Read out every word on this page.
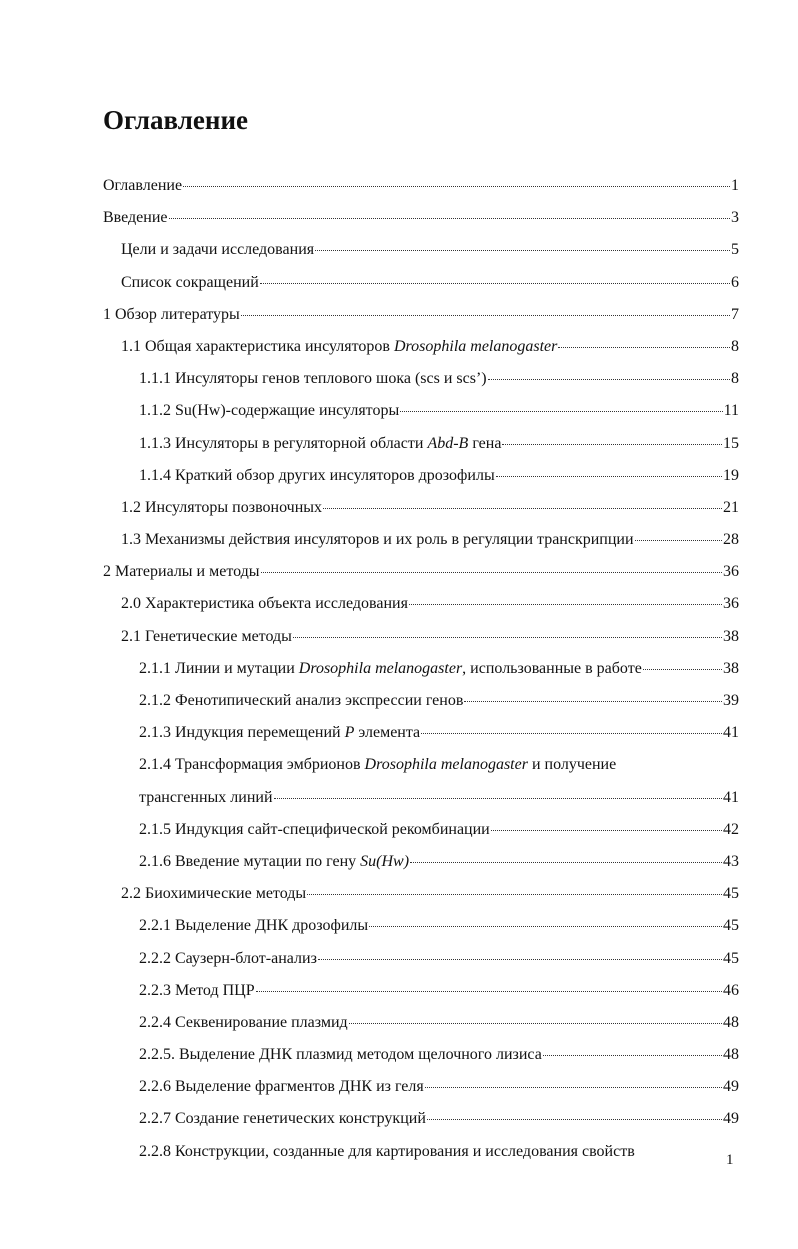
Оглавление
Оглавление	1
Введение	3
Цели и задачи исследования	5
Список сокращений	6
1 Обзор литературы	7
1.1 Общая характеристика инсуляторов Drosophila melanogaster	8
1.1.1 Инсуляторы генов теплового шока (scs и scs’)	8
1.1.2 Su(Hw)-содержащие инсуляторы	11
1.1.3 Инсуляторы в регуляторной области Abd-B гена	15
1.1.4 Краткий обзор других инсуляторов дрозофилы	19
1.2 Инсуляторы позвоночных	21
1.3 Механизмы действия инсуляторов и их роль в регуляции транскрипции	28
2 Материалы и методы	36
2.0 Характеристика объекта исследования	36
2.1 Генетические методы	38
2.1.1 Линии и мутации Drosophila melanogaster, использованные в работе	38
2.1.2 Фенотипический анализ экспрессии генов	39
2.1.3 Индукция перемещений P элемента	41
2.1.4 Трансформация эмбрионов Drosophila melanogaster и получение
трансгенных линий	41
2.1.5 Индукция сайт-специфической рекомбинации	42
2.1.6 Введение мутации по гену Su(Hw)	43
2.2 Биохимические методы	45
2.2.1 Выделение ДНК дрозофилы	45
2.2.2 Саузерн-блот-анализ	45
2.2.3 Метод ПЦР	46
2.2.4 Секвенирование плазмид	48
2.2.5. Выделение ДНК плазмид методом щелочного лизиса	48
2.2.6 Выделение фрагментов ДНК из геля	49
2.2.7 Создание генетических конструкций	49
2.2.8 Конструкции, созданные для картирования и исследования свойств
1
